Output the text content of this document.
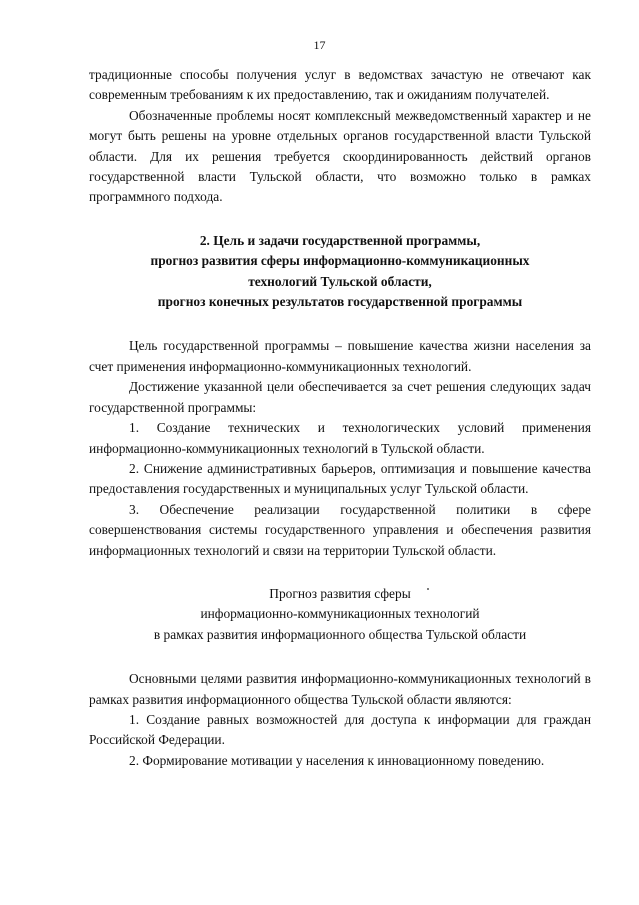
17

традиционные способы получения услуг в ведомствах зачастую не отвечают как современным требованиям к их предоставлению, так и ожиданиям получателей.

Обозначенные проблемы носят комплексный межведомственный характер и не могут быть решены на уровне отдельных органов государственной власти Тульской области. Для их решения требуется скоординированность действий органов государственной власти Тульской области, что возможно только в рамках программного подхода.

2. Цель и задачи государственной программы,
прогноз развития сферы информационно-коммуникационных
технологий Тульской области,
прогноз конечных результатов государственной программы

Цель государственной программы – повышение качества жизни населения за счет применения информационно-коммуникационных технологий.

Достижение указанной цели обеспечивается за счет решения следующих задач государственной программы:

1. Создание технических и технологических условий применения информационно-коммуникационных технологий в Тульской области.

2. Снижение административных барьеров, оптимизация и повышение качества предоставления государственных и муниципальных услуг Тульской области.

3. Обеспечение реализации государственной политики в сфере совершенствования системы государственного управления и обеспечения развития информационных технологий и связи на территории Тульской области.

Прогноз развития сферы
информационно-коммуникационных технологий
в рамках развития информационного общества Тульской области

Основными целями развития информационно-коммуникационных технологий в рамках развития информационного общества Тульской области являются:

1. Создание равных возможностей для доступа к информации для граждан Российской Федерации.

2. Формирование мотивации у населения к инновационному поведению.
